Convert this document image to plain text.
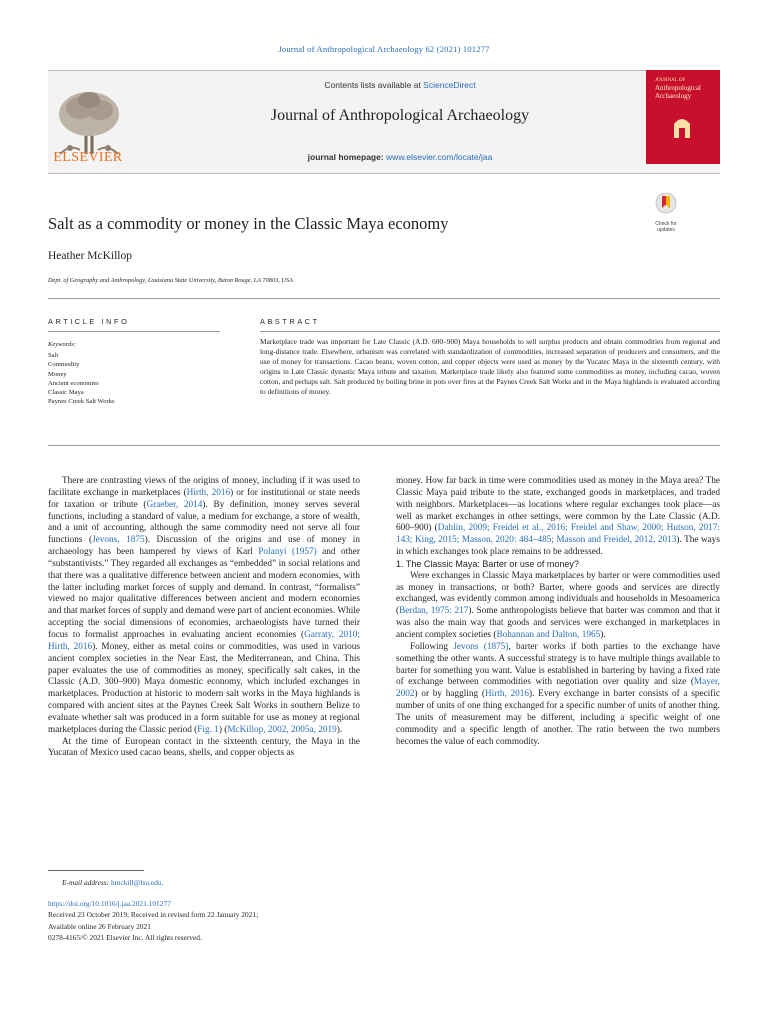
Journal of Anthropological Archaeology 62 (2021) 101277
ELSEVIER
Contents lists available at ScienceDirect
Journal of Anthropological Archaeology
journal homepage: www.elsevier.com/locate/jaa
JOURNAL OF
Anthropological Archaeology
Salt as a commodity or money in the Classic Maya economy	Check for updates
Heather McKillop
Dept. of Geography and Anthropology, Louisiana State University, Baton Rouge, LA 70803, USA
ARTICLE INFO
Keywords:
Salt
Commodity
Money
Ancient economies
Classic Maya
Paynes Creek Salt Works
ABSTRACT
Marketplace trade was important for Late Classic (A.D. 600–900) Maya households to sell surplus products and obtain commodities from regional and long-distance trade. Elsewhere, urbanism was correlated with standardization of commodities, increased separation of producers and consumers, and the use of money for transactions. Cacao beans, woven cotton, and copper objects were used as money by the Yucatec Maya in the sixteenth century, with origins in Late Classic dynastic Maya tribute and taxation. Marketplace trade likely also featured some commodities as money, including cacao, woven cotton, and perhaps salt. Salt produced by boiling brine in pots over fires at the Paynes Creek Salt Works and in the Maya highlands is evaluated according to definitions of money.

There are contrasting views of the origins of money, including if it was used to facilitate exchange in marketplaces (Hirth, 2016) or for institutional or state needs for taxation or tribute (Graeber, 2014). By definition, money serves several functions, including a standard of value, a medium for exchange, a store of wealth, and a unit of accounting, although the same commodity need not serve all four functions (Jevons, 1875). Discussion of the origins and use of money in archaeology has been hampered by views of Karl Polanyi (1957) and other “substantivists.” They regarded all exchanges as “embedded” in social relations and that there was a qualitative difference between ancient and modern economies, with the latter including market forces of supply and demand. In contrast, “formalists” viewed no major qualitative differences between ancient and modern economies and that market forces of supply and demand were part of ancient economies. While accepting the social dimensions of economies, archaeologists have turned their focus to formalist approaches in evaluating ancient economies (Garraty, 2010; Hirth, 2016). Money, either as metal coins or commodities, was used in various ancient complex societies in the Near East, the Mediterranean, and China. This paper evaluates the use of commodities as money, specifically salt cakes, in the Classic (A.D. 300–900) Maya domestic economy, which included exchanges in marketplaces. Production at historic to modern salt works in the Maya highlands is compared with ancient sites at the Paynes Creek Salt Works in southern Belize to evaluate whether salt was produced in a form suitable for use as money at regional marketplaces during the Classic period (Fig. 1) (McKillop, 2002, 2005a, 2019).

At the time of European contact in the sixteenth century, the Maya in the Yucatan of Mexico used cacao beans, shells, and copper objects as

money. How far back in time were commodities used as money in the Maya area? The Classic Maya paid tribute to the state, exchanged goods in marketplaces, and traded with neighbors. Marketplaces—as locations where regular exchanges took place—as well as market exchanges in other settings, were common by the Late Classic (A.D. 600–900) (Dahlin, 2009; Freidel et al., 2016; Freidel and Shaw, 2000; Hutson, 2017: 143; King, 2015; Masson, 2020: 484–485; Masson and Freidel, 2012, 2013). The ways in which exchanges took place remains to be addressed.

1. The Classic Maya: Barter or use of money?

Were exchanges in Classic Maya marketplaces by barter or were commodities used as money in transactions, or both? Barter, where goods and services are directly exchanged, was evidently common among individuals and households in Mesoamerica (Berdan, 1975: 217). Some anthropologists believe that barter was common and that it was also the main way that goods and services were exchanged in marketplaces in ancient complex societies (Bohannan and Dalton, 1965).

Following Jevons (1875), barter works if both parties to the exchange have something the other wants. A successful strategy is to have multiple things available to barter for something you want. Value is established in bartering by having a fixed rate of exchange between commodities with negotiation over quality and size (Mayer, 2002) or by haggling (Hirth, 2016). Every exchange in barter consists of a specific number of units of one thing exchanged for a specific number of units of another thing. The units of measurement may be different, including a specific weight of one commodity and a specific length of another. The ratio between the two numbers becomes the value of each commodity.

E-mail address: hmckill@lsu.edu.
https://doi.org/10.1016/j.jaa.2021.101277
Received 23 October 2019; Received in revised form 22 January 2021;
Available online 26 February 2021
0278-4165/© 2021 Elsevier Inc. All rights reserved.
